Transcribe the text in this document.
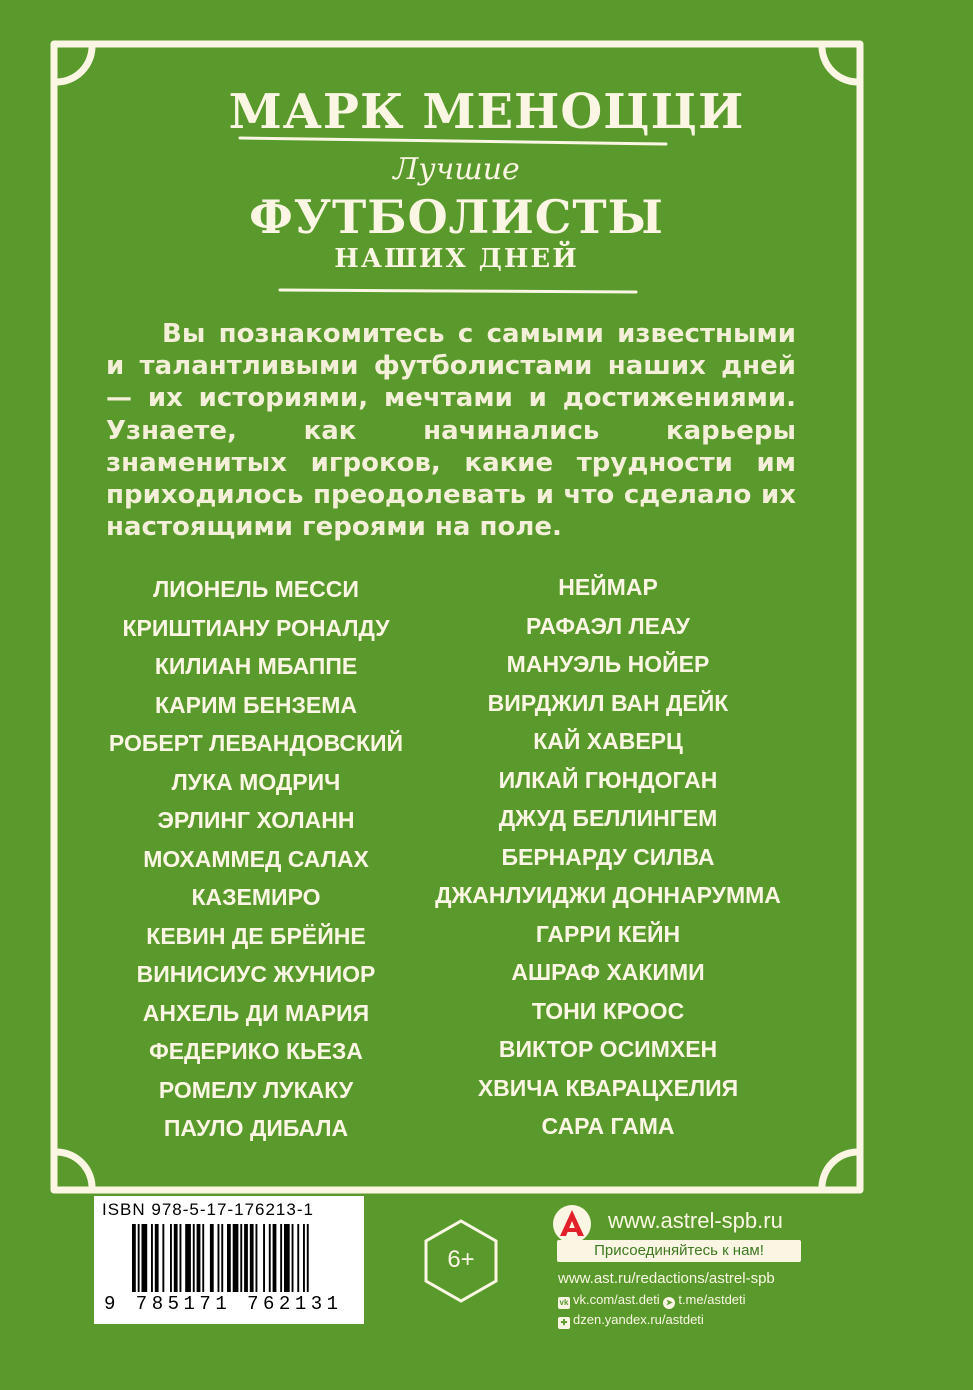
МАРК МЕНОЦЦИ
Лучшие
ФУТБОЛИСТЫ
НАШИХ ДНЕЙ

Вы познакомитесь с самыми известными и талантливыми футболистами наших дней — их историями, мечтами и достижениями. Узнаете, как начинались карьеры знаменитых игроков, какие трудности им приходилось преодолевать и что сделало их настоящими героями на поле.

ЛИОНЕЛЬ МЕССИ
КРИШТИАНУ РОНАЛДУ
КИЛИАН МБАППЕ
КАРИМ БЕНЗЕМА
РОБЕРТ ЛЕВАНДОВСКИЙ
ЛУКА МОДРИЧ
ЭРЛИНГ ХОЛАНН
МОХАММЕД САЛАХ
КАЗЕМИРО
КЕВИН ДЕ БРЁЙНЕ
ВИНИСИУС ЖУНИОР
АНХЕЛЬ ДИ МАРИЯ
ФЕДЕРИКО КЬЕЗА
РОМЕЛУ ЛУКАКУ
ПАУЛО ДИБАЛА
НЕЙМАР
РАФАЭЛ ЛЕАУ
МАНУЭЛЬ НОЙЕР
ВИРДЖИЛ ВАН ДЕЙК
КАЙ ХАВЕРЦ
ИЛКАЙ ГЮНДОГАН
ДЖУД БЕЛЛИНГЕМ
БЕРНАРДУ СИЛВА
ДЖАНЛУИДЖИ ДОННАРУММА
ГАРРИ КЕЙН
АШРАФ ХАКИМИ
ТОНИ КРООС
ВИКТОР ОСИМХЕН
ХВИЧА КВАРАЦХЕЛИЯ
САРА ГАМА
ISBN 978-5-17-176213-1
9 785171 762131
6+
www.astrel-spb.ru
Присоединяйтесь к нам!
www.ast.ru/redactions/astrel-spb
vk vk.com/ast.deti ➤ t.me/astdeti
✚ dzen.yandex.ru/astdeti
